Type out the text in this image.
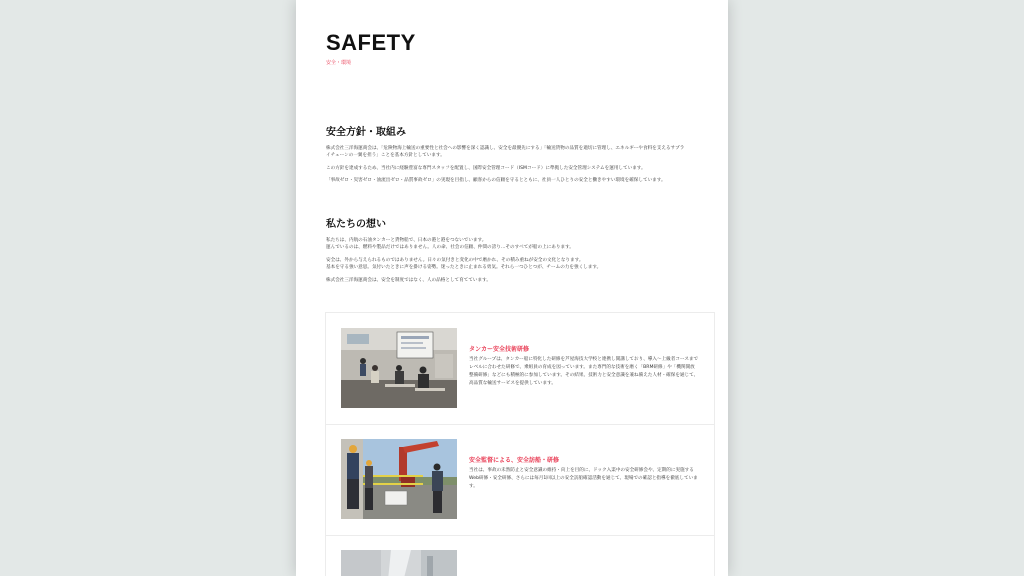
SAFETY
安全・環境
安全方針・取組み

株式会社三洋海運商会は、「危険物海上輸送の重要性と社会への影響を深く認識し、安全を最優先にする」「輸送貨物の品質を適切に管理し、エネルギーや食料を支えるサプライチェーンの一翼を担う」ことを基本方針としています。

この方針を達成するため、当社内に経験豊富な専門スタッフを配置し、国際安全管理コード（ISMコード）に準拠した安全管理システムを運用しています。

「事故ゼロ・災害ゼロ・油流出ゼロ・品質事故ゼロ」の実現を目指し、顧客からの信頼を守るとともに、社員一人ひとりの安全と働きやすい環境を確保しています。

私たちの想い

私たちは、内航の石油タンカーと貨物船で、日本の港と港をつないでいます。
運んでいるのは、燃料や製品だけではありません。人の命、社会の信頼、仲間の誇り…そのすべてが船の上にあります。

安全は、外から与えられるものではありません。日々の気付きと変化の中で磨かれ、その積み重ねが安全の文化となります。
基本を守る強い意思。気付いたときに声を掛ける姿勢。迷ったときに止まれる勇気。それら一つひとつが、チームの力を強くします。

株式会社三洋海運商会は、安全を制度ではなく、人の品格として育てています。

タンカー安全技術研修
当社グループは、タンカー船に特化した研修を芦屋海技大学校と連携し開講しており、導入～上級者コースまでレベルに合わせた研修で、乗組員の育成を図っています。また専門的な技術を磨く「BRM研修」や「機関開放整備研修」などにも積極的に参加しています。その結果、技術力と安全意識を兼ね備えた人材・確保を通じて、高品質な輸送サービスを提供しています。
安全監督による、安全訪船・研修
当社は、事故の未然防止と安全意識の維持・向上を目的に、ドック入渠中の安全研修会や、定期的に実施するWeb研修・安全研修、さらには毎月1回以上の安全訪船確認活動を通じて、現場での確認と指導を徹底しています。
